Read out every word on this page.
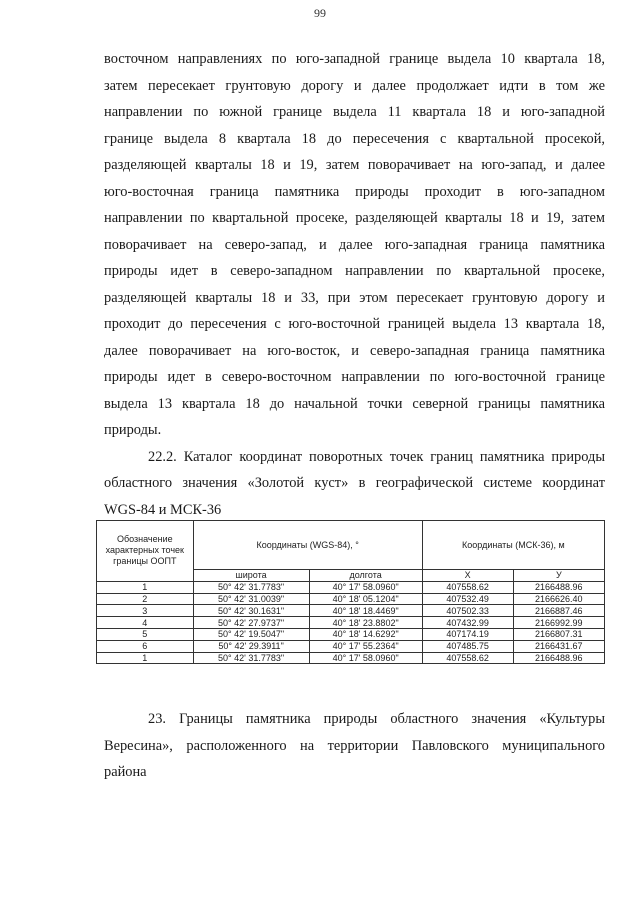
99
восточном направлениях по юго-западной границе выдела 10 квартала 18,
затем пересекает грунтовую дорогу и далее продолжает идти в том же
направлении по южной границе выдела 11 квартала 18 и юго-западной
границе выдела 8 квартала 18 до пересечения с квартальной просекой,
разделяющей кварталы 18 и 19, затем поворачивает на юго-запад, и далее
юго-восточная граница памятника природы проходит в юго-западном
направлении по квартальной просеке, разделяющей кварталы 18 и 19, затем
поворачивает на северо-запад, и далее юго-западная граница памятника
природы идет в северо-западном направлении по квартальной просеке,
разделяющей кварталы 18 и 33, при этом пересекает грунтовую дорогу и
проходит до пересечения с юго-восточной границей выдела 13 квартала 18,
далее поворачивает на юго-восток, и северо-западная граница памятника
природы идет в северо-восточном направлении по юго-восточной границе
выдела 13 квартала 18 до начальной точки северной границы памятника
природы.
22.2. Каталог координат поворотных точек границ памятника природы
областного значения «Золотой куст» в географической системе координат
WGS-84 и МСК-36
Обозначение характерных точек границы ООПТ	Координаты (WGS-84), °		Координаты (МСК-36), м	
	широта	долгота	X	У
1	50° 42' 31.7783"	40° 17' 58.0960"	407558.62	2166488.96
2	50° 42' 31.0039"	40° 18' 05.1204"	407532.49	2166626.40
3	50° 42' 30.1631"	40° 18' 18.4469"	407502.33	2166887.46
4	50° 42' 27.9737"	40° 18' 23.8802"	407432.99	2166992.99
5	50° 42' 19.5047"	40° 18' 14.6292"	407174.19	2166807.31
6	50° 42' 29.3911"	40° 17' 55.2364"	407485.75	2166431.67
1	50° 42' 31.7783"	40° 17' 58.0960"	407558.62	2166488.96
23. Границы памятника природы областного значения «Культуры
Вересина», расположенного на территории Павловского муниципального
района
